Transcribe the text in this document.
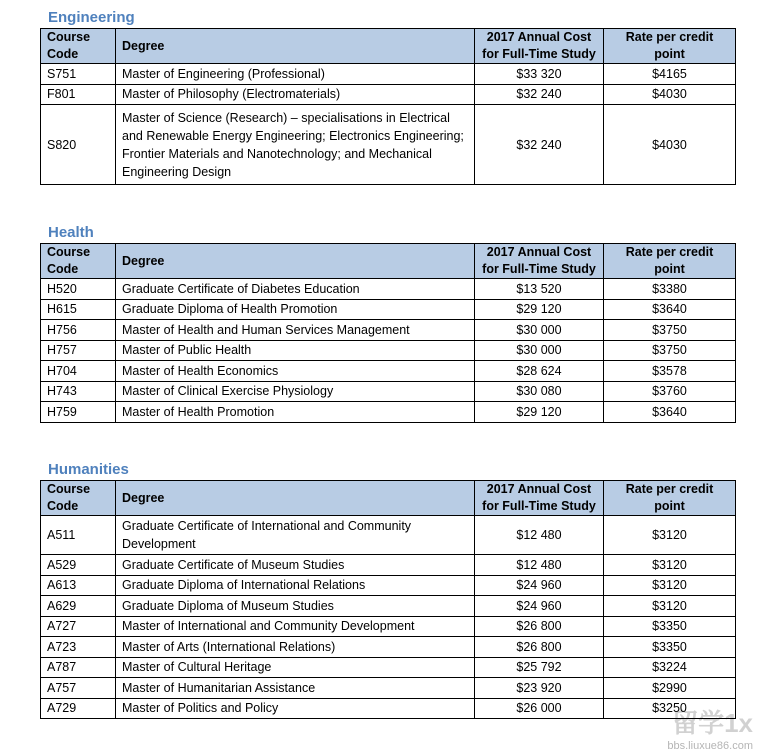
Engineering
Course Code	Degree	2017 Annual Cost for Full-Time Study	Rate per credit point
S751	Master of Engineering (Professional)	$33 320	$4165
F801	Master of Philosophy (Electromaterials)	$32 240	$4030
S820	Master of Science (Research) – specialisations in Electrical and Renewable Energy Engineering; Electronics Engineering; Frontier Materials and Nanotechnology; and Mechanical Engineering Design	$32 240	$4030
Health
Course Code	Degree	2017 Annual Cost for Full-Time Study	Rate per credit point
H520	Graduate Certificate of Diabetes Education	$13 520	$3380
H615	Graduate Diploma of Health Promotion	$29 120	$3640
H756	Master of Health and Human Services Management	$30 000	$3750
H757	Master of Public Health	$30 000	$3750
H704	Master of Health Economics	$28 624	$3578
H743	Master of Clinical Exercise Physiology	$30 080	$3760
H759	Master of Health Promotion	$29 120	$3640
Humanities
Course Code	Degree	2017 Annual Cost for Full-Time Study	Rate per credit point
A511	Graduate Certificate of International and Community Development	$12 480	$3120
A529	Graduate Certificate of Museum Studies	$12 480	$3120
A613	Graduate Diploma of International Relations	$24 960	$3120
A629	Graduate Diploma of Museum Studies	$24 960	$3120
A727	Master of International and Community Development	$26 800	$3350
A723	Master of Arts (International Relations)	$26 800	$3350
A787	Master of Cultural Heritage	$25 792	$3224
A757	Master of Humanitarian Assistance	$23 920	$2990
A729	Master of Politics and Policy	$26 000	$3250
留学1x
bbs.liuxue86.com
